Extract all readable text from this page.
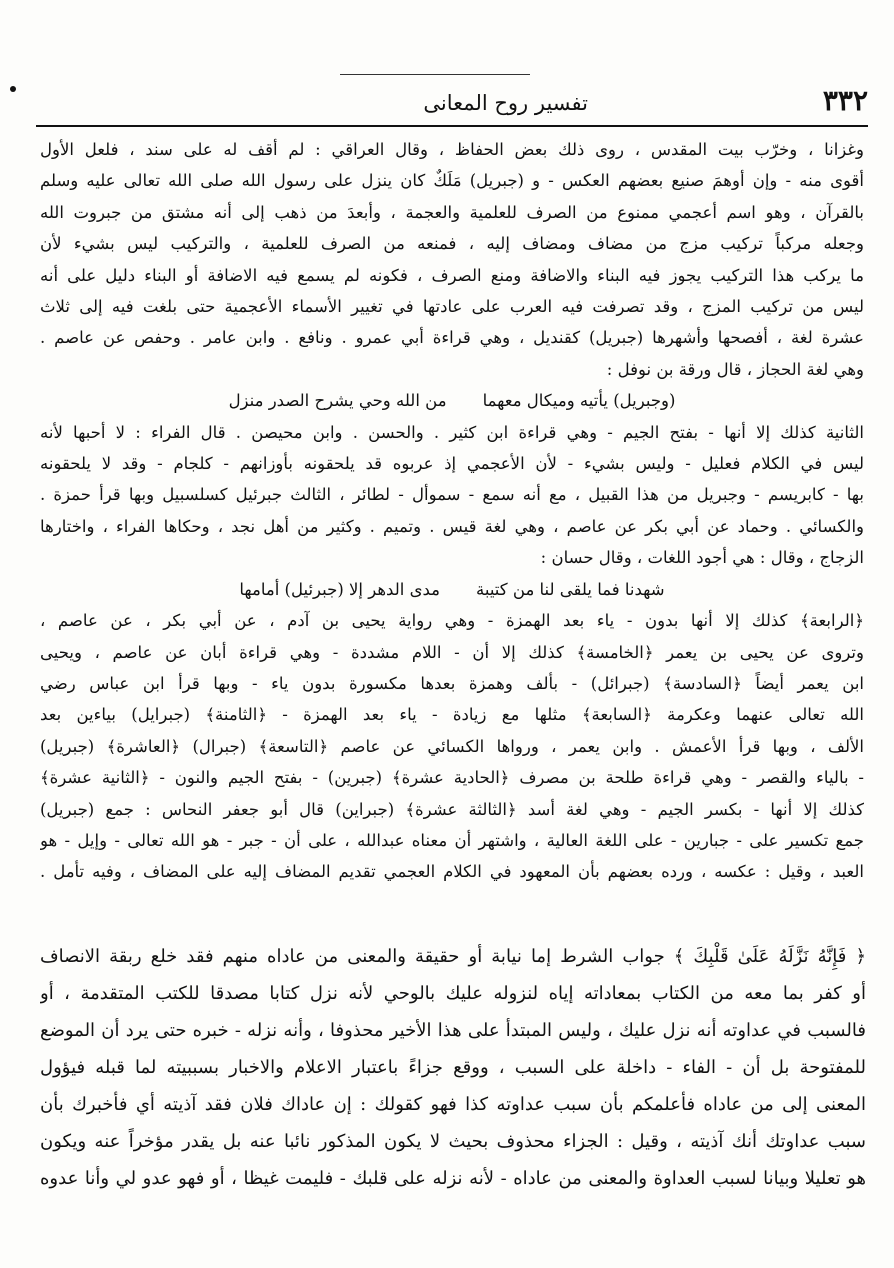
٣٣٢
تفسير روح المعانى
وغزانا ، وخرّب بيت المقدس ، روى ذلك بعض الحفاظ ، وقال العراقي : لم أقف له على سند ، فلعل الأول
أقوى منه - وإن أوهمَ صنيع بعضهم العكس - و (جبريل) مَلَكٌ كان ينزل على رسول الله صلى الله تعالى عليه وسلم
بالقرآن ، وهو اسم أعجمي ممنوع من الصرف للعلمية والعجمة ، وأبعدَ من ذهب إلى أنه مشتق من جبروت الله
وجعله مركباً تركيب مزج من مضاف ومضاف إليه ، فمنعه من الصرف للعلمية ، والتركيب ليس بشيء لأن
ما يركب هذا التركيب يجوز فيه البناء والاضافة ومنع الصرف ، فكونه لم يسمع فيه الاضافة أو البناء دليل على أنه
ليس من تركيب المزج ، وقد تصرفت فيه العرب على عادتها في تغيير الأسماء الأعجمية حتى بلغت فيه إلى ثلاث
عشرة لغة ، أفصحها وأشهرها (جبريل) كقنديل ، وهي قراءة أبي عمرو . ونافع . وابن عامر . وحفص عن عاصم .
وهي لغة الحجاز ، قال ورقة بن نوفل :
(وجبريل) يأتيه وميكال معهما
من الله وحي يشرح الصدر منزل
الثانية كذلك إلا أنها - بفتح الجيم - وهي قراءة ابن كثير . والحسن . وابن محيصن . قال الفراء : لا أحبها لأنه
ليس في الكلام فعليل - وليس بشيء - لأن الأعجمي إذ عربوه قد يلحقونه بأوزانهم - كلجام - وقد لا يلحقونه
بها - كابريسم - وجبريل من هذا القبيل ، مع أنه سمع - سموأل - لطائر ، الثالث جبرئيل كسلسبيل وبها قرأ حمزة .
والكسائي . وحماد عن أبي بكر عن عاصم ، وهي لغة قيس . وتميم . وكثير من أهل نجد ، وحكاها الفراء ، واختارها
الزجاج ، وقال : هي أجود اللغات ، وقال حسان :
شهدنا فما يلقى لنا من كتيبة
مدى الدهر إلا (جبرئيل) أمامها
﴿الرابعة﴾ كذلك إلا أنها بدون - ياء بعد الهمزة - وهي رواية يحيى بن آدم ، عن أبي بكر ، عن عاصم ،
وتروى عن يحيى بن يعمر ﴿الخامسة﴾ كذلك إلا أن - اللام مشددة - وهي قراءة أبان عن عاصم ، ويحيى
ابن يعمر أيضاً ﴿السادسة﴾ (جبرائل) - بألف وهمزة بعدها مكسورة بدون ياء - وبها قرأ ابن عباس رضي
الله تعالى عنهما وعكرمة ﴿السابعة﴾ مثلها مع زيادة - ياء بعد الهمزة - ﴿الثامنة﴾ (جبرايل) بياءين بعد
الألف ، وبها قرأ الأعمش . وابن يعمر ، ورواها الكسائي عن عاصم ﴿التاسعة﴾ (جبرال) ﴿العاشرة﴾ (جبريل)
- بالياء والقصر - وهي قراءة طلحة بن مصرف ﴿الحادية عشرة﴾ (جبرين) - بفتح الجيم والنون - ﴿الثانية عشرة﴾
كذلك إلا أنها - بكسر الجيم - وهي لغة أسد ﴿الثالثة عشرة﴾ (جبراين) قال أبو جعفر النحاس : جمع (جبريل)
جمع تكسير على - جبارين - على اللغة العالية ، واشتهر أن معناه عبدالله ، على أن - جبر - هو الله تعالى - وإيل - هو
العبد ، وقيل : عكسه ، ورده بعضهم بأن المعهود في الكلام العجمي تقديم المضاف إليه على المضاف ، وفيه تأمل .
﴿ فَإِنَّهُ نَزَّلَهُ عَلَىٰ قَلْبِكَ ﴾ جواب الشرط إما نيابة أو حقيقة والمعنى من عاداه منهم فقد خلع ربقة الانصاف
أو كفر بما معه من الكتاب بمعاداته إياه لنزوله عليك بالوحي لأنه نزل كتابا مصدقا للكتب المتقدمة ، أو
فالسبب في عداوته أنه نزل عليك ، وليس المبتدأ على هذا الأخير محذوفا ، وأنه نزله - خبره حتى يرد أن الموضع
للمفتوحة بل أن - الفاء - داخلة على السبب ، ووقع جزاءً باعتبار الاعلام والاخبار بسببيته لما قبله فيؤول
المعنى إلى من عاداه فأعلمكم بأن سبب عداوته كذا فهو كقولك : إن عاداك فلان فقد آذيته أي فأخبرك بأن
سبب عداوتك أنك آذيته ، وقيل : الجزاء محذوف بحيث لا يكون المذكور نائبا عنه بل يقدر مؤخراً عنه ويكون
هو تعليلا وبيانا لسبب العداوة والمعنى من عاداه - لأنه نزله على قلبك - فليمت غيظا ، أو فهو عدو لي وأنا عدوه
